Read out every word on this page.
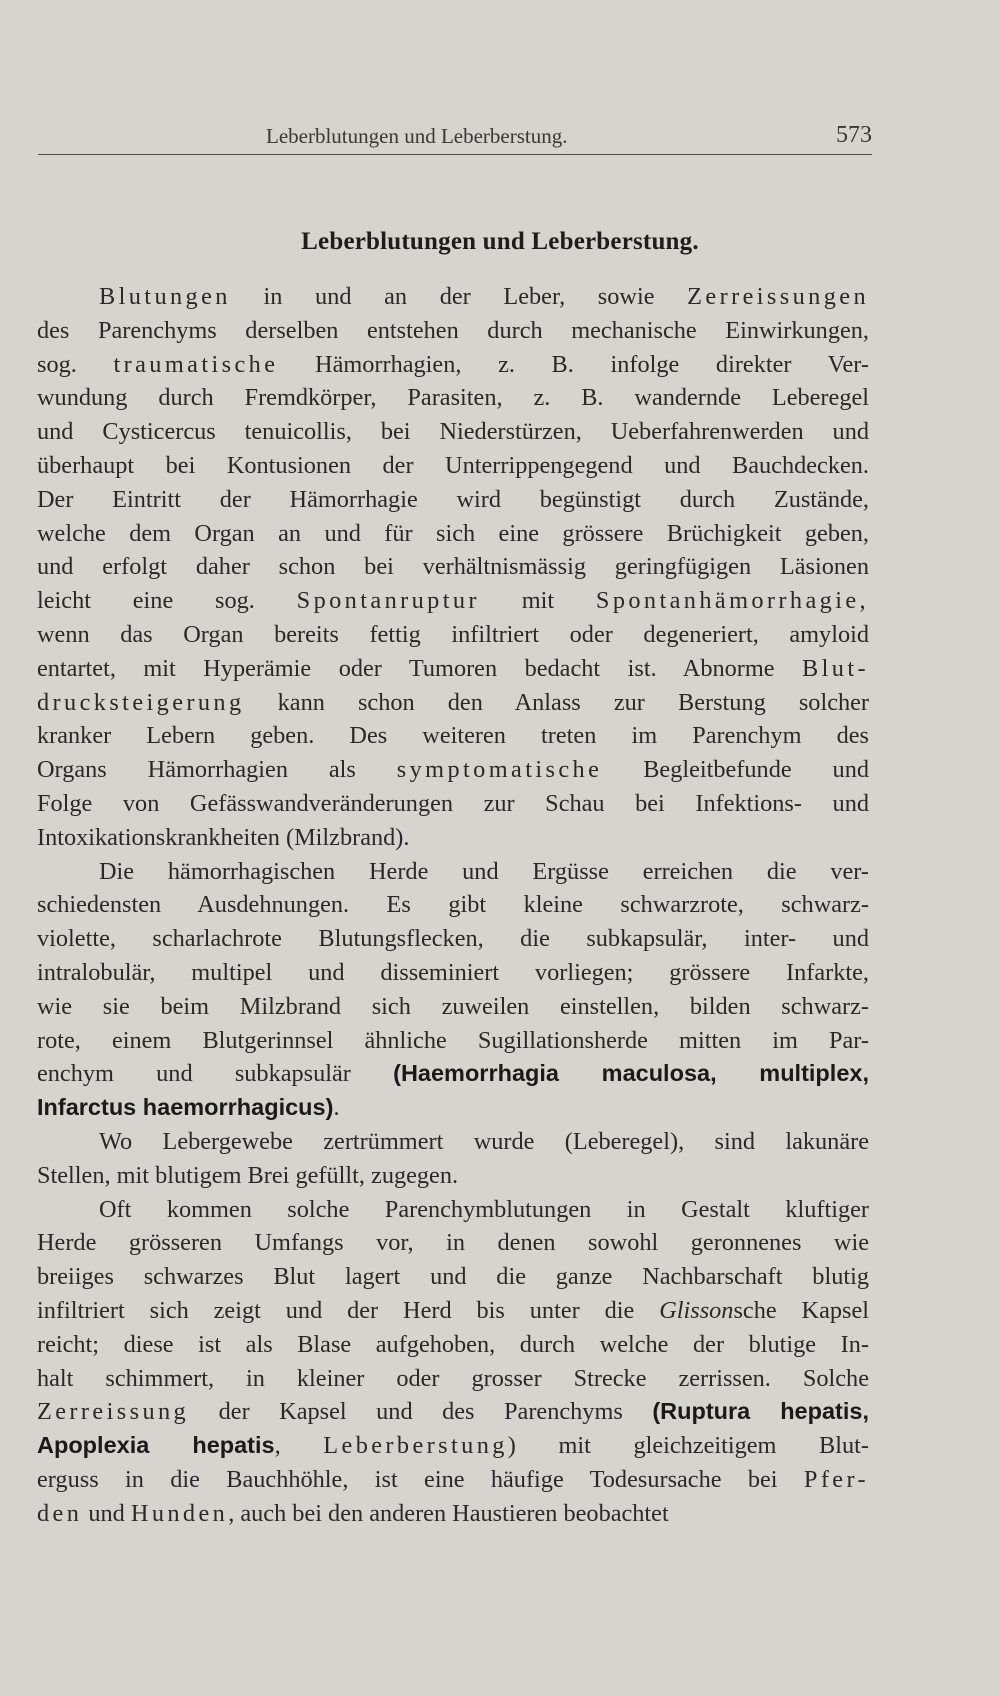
Leberblutungen und Leberberstung.	573
Leberblutungen und Leberberstung.

Blutungen in und an der Leber, sowie Zerreissungen
des Parenchyms derselben entstehen durch mechanische Einwirkungen,
sog. traumatische Hämorrhagien, z. B. infolge direkter Ver-
wundung durch Fremdkörper, Parasiten, z. B. wandernde Leberegel
und Cysticercus tenuicollis, bei Niederstürzen, Ueberfahrenwerden und
überhaupt bei Kontusionen der Unterrippengegend und Bauchdecken.
Der Eintritt der Hämorrhagie wird begünstigt durch Zustände,
welche dem Organ an und für sich eine grössere Brüchigkeit geben,
und erfolgt daher schon bei verhältnismässig geringfügigen Läsionen
leicht eine sog. Spontanruptur mit Spontanhämorrhagie,
wenn das Organ bereits fettig infiltriert oder degeneriert, amyloid
entartet, mit Hyperämie oder Tumoren bedacht ist. Abnorme Blut-
drucksteigerung kann schon den Anlass zur Berstung solcher
kranker Lebern geben. Des weiteren treten im Parenchym des
Organs Hämorrhagien als symptomatische Begleitbefunde und
Folge von Gefässwandveränderungen zur Schau bei Infektions- und
Intoxikationskrankheiten (Milzbrand).

Die hämorrhagischen Herde und Ergüsse erreichen die ver-
schiedensten Ausdehnungen. Es gibt kleine schwarzrote, schwarz-
violette, scharlachrote Blutungsflecken, die subkapsulär, inter- und
intralobulär, multipel und disseminiert vorliegen; grössere Infarkte,
wie sie beim Milzbrand sich zuweilen einstellen, bilden schwarz-
rote, einem Blutgerinnsel ähnliche Sugillationsherde mitten im Par-
enchym und subkapsulär (Haemorrhagia maculosa, multiplex,
Infarctus haemorrhagicus).

Wo Lebergewebe zertrümmert wurde (Leberegel), sind lakunäre
Stellen, mit blutigem Brei gefüllt, zugegen.

Oft kommen solche Parenchymblutungen in Gestalt kluftiger
Herde grösseren Umfangs vor, in denen sowohl geronnenes wie
breiiges schwarzes Blut lagert und die ganze Nachbarschaft blutig
infiltriert sich zeigt und der Herd bis unter die Glissonsche Kapsel
reicht; diese ist als Blase aufgehoben, durch welche der blutige In-
halt schimmert, in kleiner oder grosser Strecke zerrissen. Solche
Zerreissung der Kapsel und des Parenchyms (Ruptura hepatis,
Apoplexia hepatis, Leberberstung) mit gleichzeitigem Blut-
erguss in die Bauchhöhle, ist eine häufige Todesursache bei Pfer-
den und Hunden, auch bei den anderen Haustieren beobachtet
